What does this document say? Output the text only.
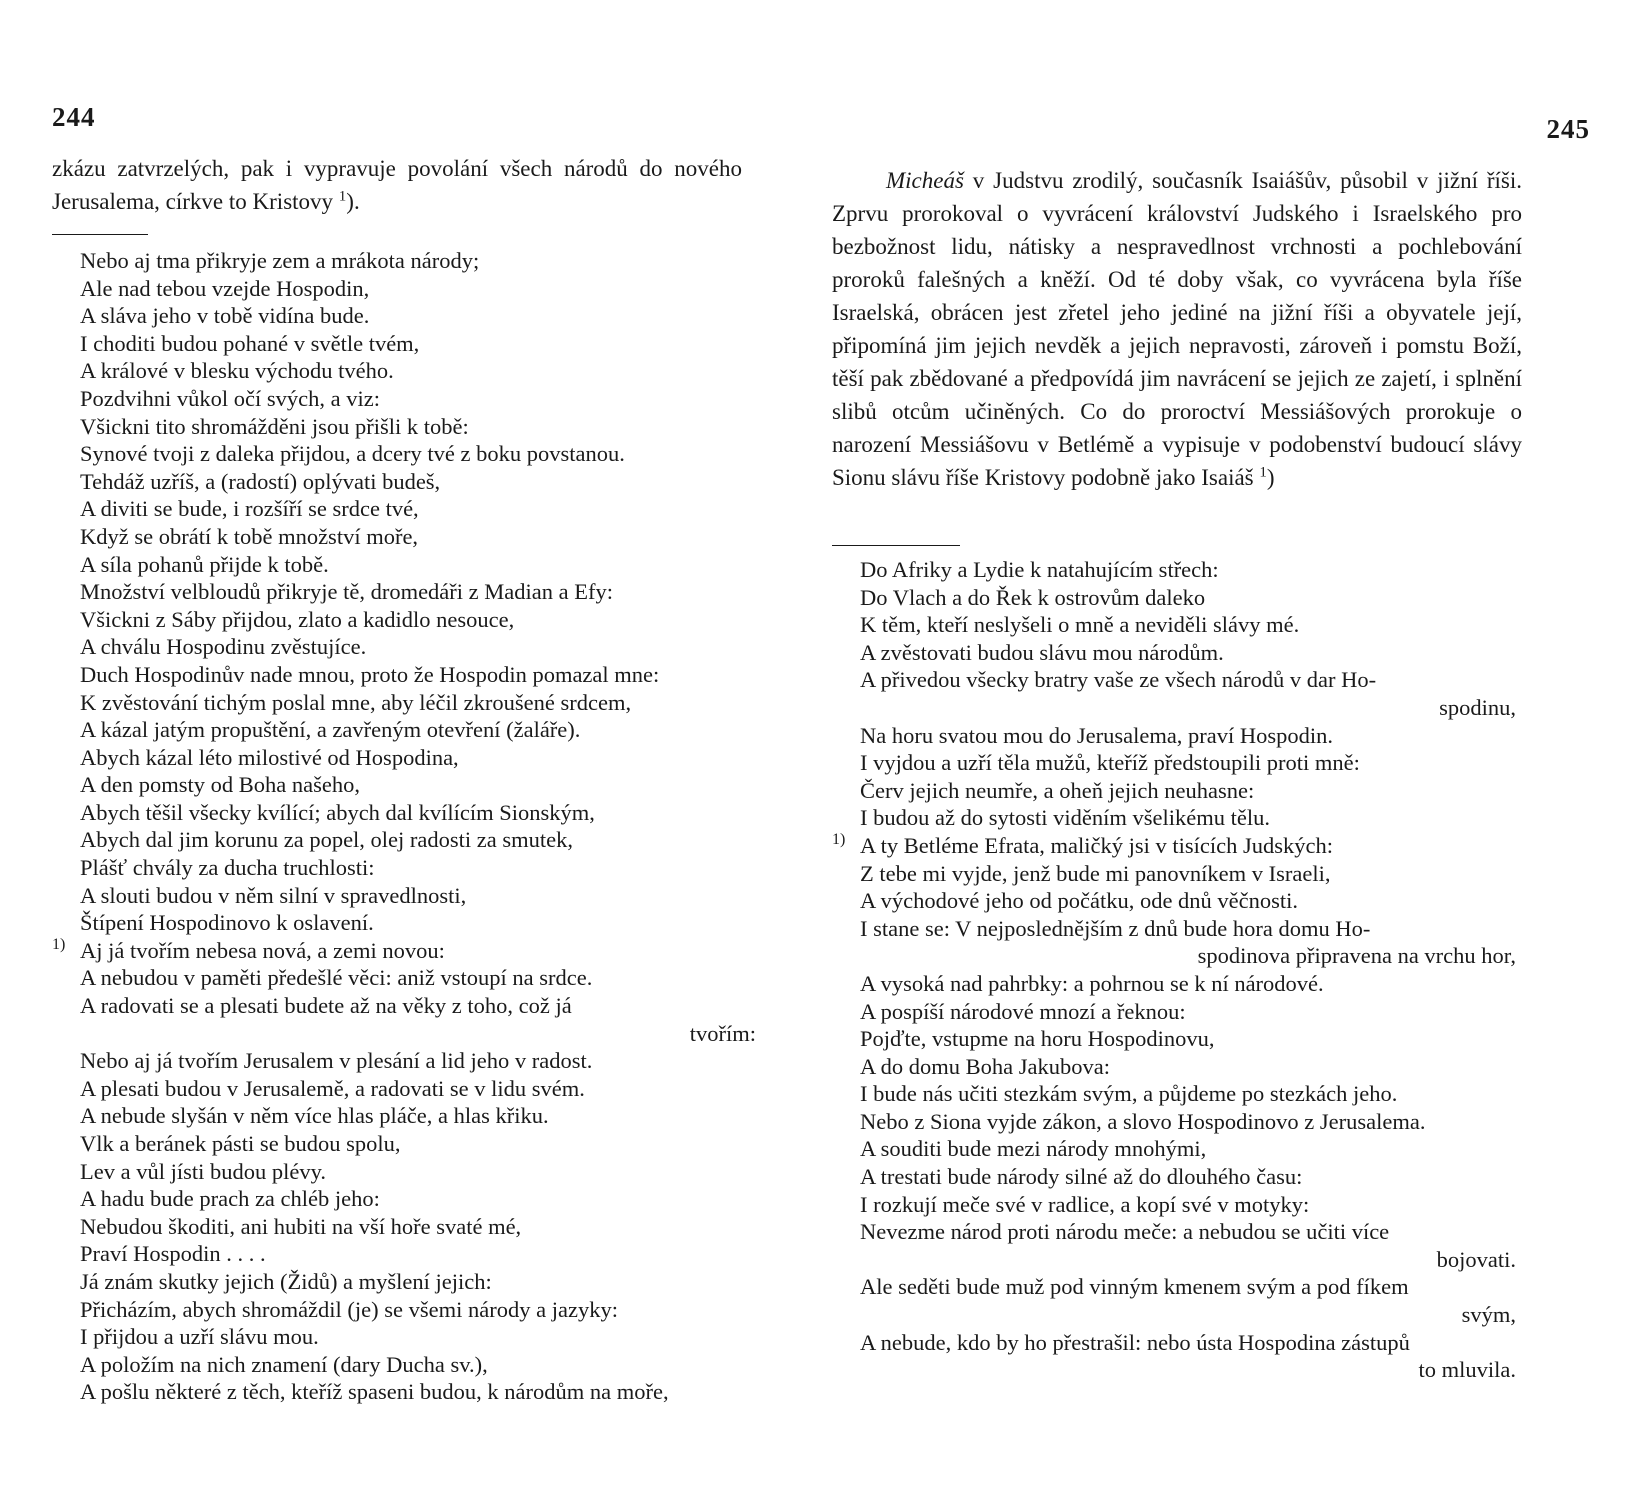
244

zkázu zatvrzelých, pak i vypravuje povolání všech národů do nového Jerusalema, církve to Kristovy $^1$).

Nebo aj tma přikryje zem a mrákota národy;
Ale nad tebou vzejde Hospodin,
A sláva jeho v tobě vidína bude.
I choditi budou pohané v světle tvém,
A králové v blesku východu tvého.
Pozdvihni vůkol očí svých, a viz:
Všickni tito shromážděni jsou přišli k tobě:
Synové tvoji z daleka přijdou, a dcery tvé z boku povstanou.
Tehdáž uzříš, a (radostí) oplývati budeš,
A diviti se bude, i rozšíří se srdce tvé,
Když se obrátí k tobě množství moře,
A síla pohanů přijde k tobě.
Množství velbloudů přikryje tě, dromedáři z Madian a Efy:
Všickni z Sáby přijdou, zlato a kadidlo nesouce,
A chválu Hospodinu zvěstujíce.
Duch Hospodinův nade mnou, proto že Hospodin pomazal mne:
K zvěstování tichým poslal mne, aby léčil zkroušené srdcem,
A kázal jatým propuštění, a zavřeným otevření (žaláře).
Abych kázal léto milostivé od Hospodina,
A den pomsty od Boha našeho,
Abych těšil všecky kvílící; abych dal kvílícím Sionským,
Abych dal jim korunu za popel, olej radosti za smutek,
Plášť chvály za ducha truchlosti:
A slouti budou v něm silní v spravedlnosti,
Štípení Hospodinovo k oslavení.
1) Aj já tvořím nebesa nová, a zemi novou:
A nebudou v paměti předešlé věci: aniž vstoupí na srdce.
A radovati se a plesati budete až na věky z toho, což já
tvořím:
Nebo aj já tvořím Jerusalem v plesání a lid jeho v radost.
A plesati budou v Jerusalemě, a radovati se v lidu svém.
A nebude slyšán v něm více hlas pláče, a hlas křiku.
Vlk a beránek pásti se budou spolu,
Lev a vůl jísti budou plévy.
A hadu bude prach za chléb jeho:
Nebudou škoditi, ani hubiti na vší hoře svaté mé,
Praví Hospodin . . . .
Já znám skutky jejich (Židů) a myšlení jejich:
Přicházím, abych shromáždil (je) se všemi národy a jazyky:
I přijdou a uzří slávu mou.
A položím na nich znamení (dary Ducha sv.),
A pošlu některé z těch, kteříž spaseni budou, k národům na moře,
245

Micheáš v Judstvu zrodilý, současník Isaiášův, působil v jižní říši. Zprvu prorokoval o vyvrácení království Judského i Israelského pro bezbožnost lidu, nátisky a nespravedlnost vrchnosti a pochlebování proroků falešných a kněží. Od té doby však, co vyvrácena byla říše Israelská, obrácen jest zřetel jeho jediné na jižní říši a obyvatele její, připomíná jim jejich nevděk a jejich nepravosti, zároveň i pomstu Boží, těší pak zbědované a předpovídá jim navrácení se jejich ze zajetí, i splnění slibů otcům učiněných. Co do proroctví Messiášových prorokuje o narození Messiášovu v Betlémě a vypisuje v podobenství budoucí slávy Sionu slávu říše Kristovy podobně jako Isaiáš $^1$)

Do Afriky a Lydie k natahujícím střech:
Do Vlach a do Řek k ostrovům daleko
K těm, kteří neslyšeli o mně a neviděli slávy mé.
A zvěstovati budou slávu mou národům.
A přivedou všecky bratry vaše ze všech národů v dar Ho-
spodinu,
Na horu svatou mou do Jerusalema, praví Hospodin.
I vyjdou a uzří těla mužů, kteříž předstoupili proti mně:
Červ jejich neumře, a oheň jejich neuhasne:
I budou až do sytosti viděním všelikému tělu.
1) A ty Betléme Efrata, maličký jsi v tisících Judských:
Z tebe mi vyjde, jenž bude mi panovníkem v Israeli,
A východové jeho od počátku, ode dnů věčnosti.
I stane se: V nejposlednějším z dnů bude hora domu Ho-
spodinova připravena na vrchu hor,
A vysoká nad pahrbky: a pohrnou se k ní národové.
A pospíší národové mnozí a řeknou:
Pojďte, vstupme na horu Hospodinovu,
A do domu Boha Jakubova:
I bude nás učiti stezkám svým, a půjdeme po stezkách jeho.
Nebo z Siona vyjde zákon, a slovo Hospodinovo z Jerusalema.
A souditi bude mezi národy mnohými,
A trestati bude národy silné až do dlouhého času:
I rozkují meče své v radlice, a kopí své v motyky:
Nevezme národ proti národu meče: a nebudou se učiti více
bojovati.
Ale seděti bude muž pod vinným kmenem svým a pod fíkem
svým,
A nebude, kdo by ho přestrašil: nebo ústa Hospodina zástupů
to mluvila.
